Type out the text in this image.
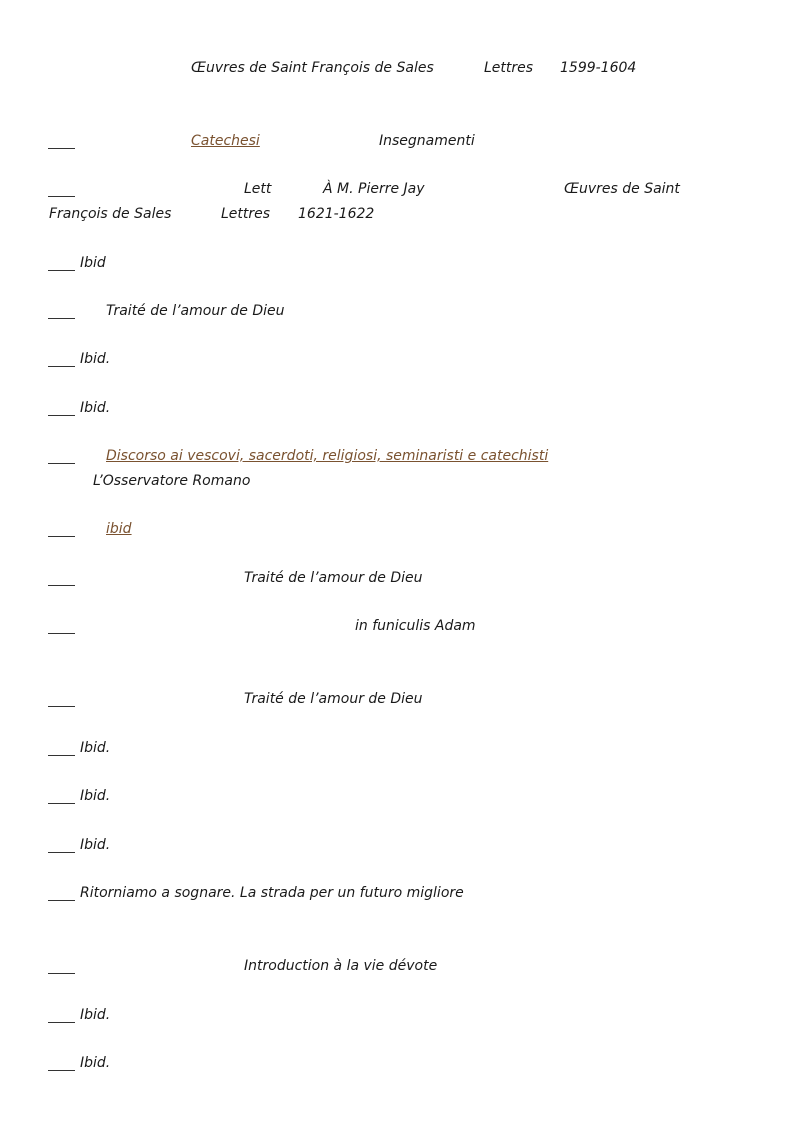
Œuvres de Saint François de Sales	Lettres 1599-1604
Catechesi	Insegnamenti
Lett	À M. Pierre Jay	Œuvres de Saint
François de Sales	Lettres 1621-1622
Ibid
Traité de l’amour de Dieu
Ibid.
Ibid.
Discorso ai vescovi, sacerdoti, religiosi, seminaristi e catechisti
L’Osservatore Romano
ibid
Traité de l’amour de Dieu
in funiculis Adam
Traité de l’amour de Dieu
Ibid.
Ibid.
Ibid.
Ritorniamo a sognare. La strada per un futuro migliore
Introduction à la vie dévote
Ibid.
Ibid.
